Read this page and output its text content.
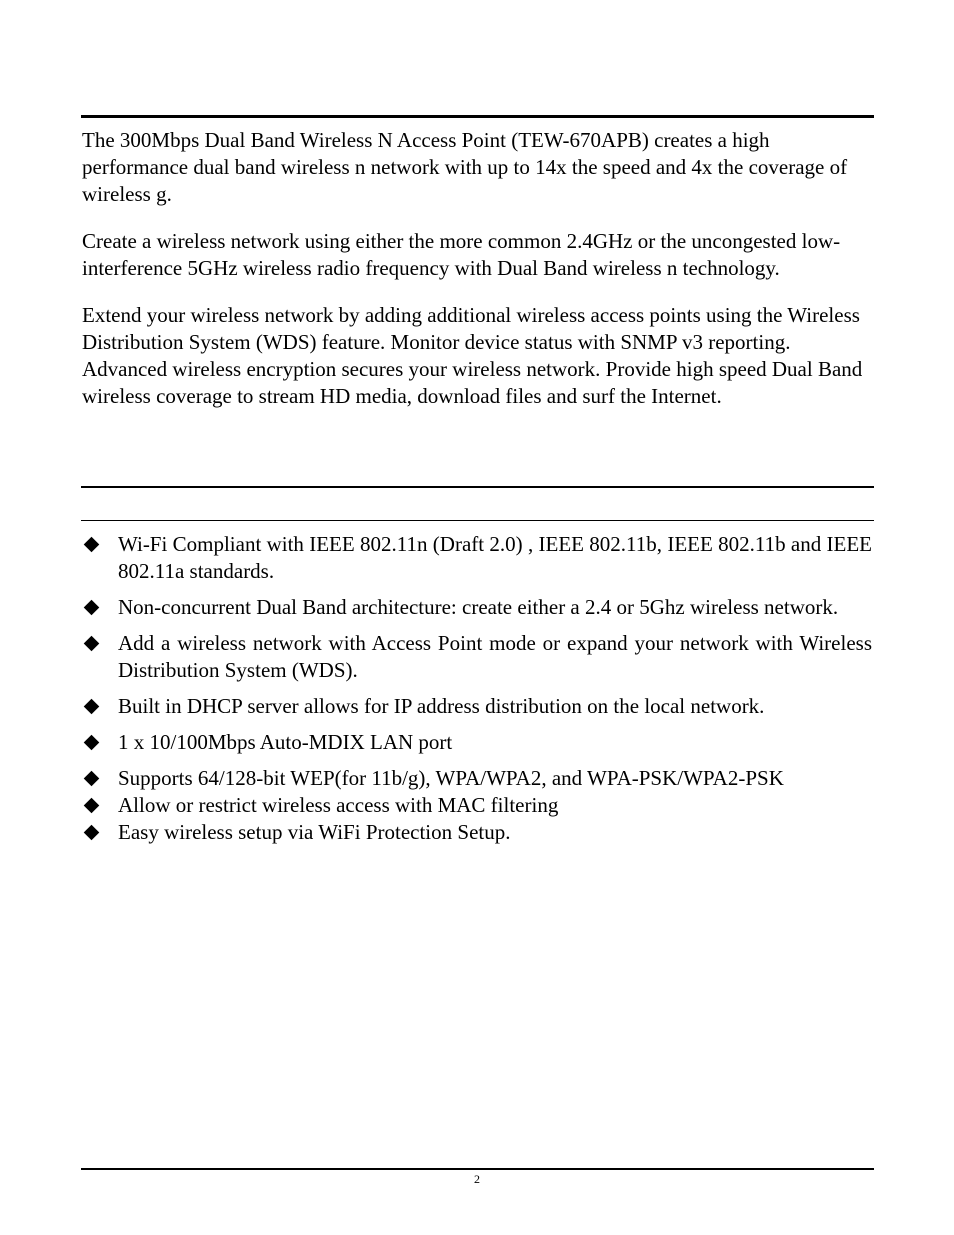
The 300Mbps Dual Band Wireless N Access Point (TEW-670APB) creates a high performance dual band wireless n network with up to 14x the speed and 4x the coverage of wireless g.

Create a wireless network using either the more common 2.4GHz or the uncongested low-interference 5GHz wireless radio frequency with Dual Band wireless n technology.

Extend your wireless network by adding additional wireless access points using the Wireless Distribution System (WDS) feature. Monitor device status with SNMP v3 reporting. Advanced wireless encryption secures your wireless network. Provide high speed Dual Band wireless coverage to stream HD media, download files and surf the Internet.

Wi-Fi Compliant with IEEE 802.11n (Draft 2.0) , IEEE 802.11b, IEEE 802.11b and IEEE 802.11a standards.
Non-concurrent Dual Band architecture: create either a 2.4 or 5Ghz wireless network.
Add a wireless network with Access Point mode or expand your network with Wireless Distribution System (WDS).
Built in DHCP server allows for IP address distribution on the local network.
1 x 10/100Mbps Auto-MDIX LAN port
Supports 64/128-bit WEP(for 11b/g), WPA/WPA2, and WPA-PSK/WPA2-PSK
Allow or restrict wireless access with MAC filtering
Easy wireless setup via WiFi Protection Setup.
2
